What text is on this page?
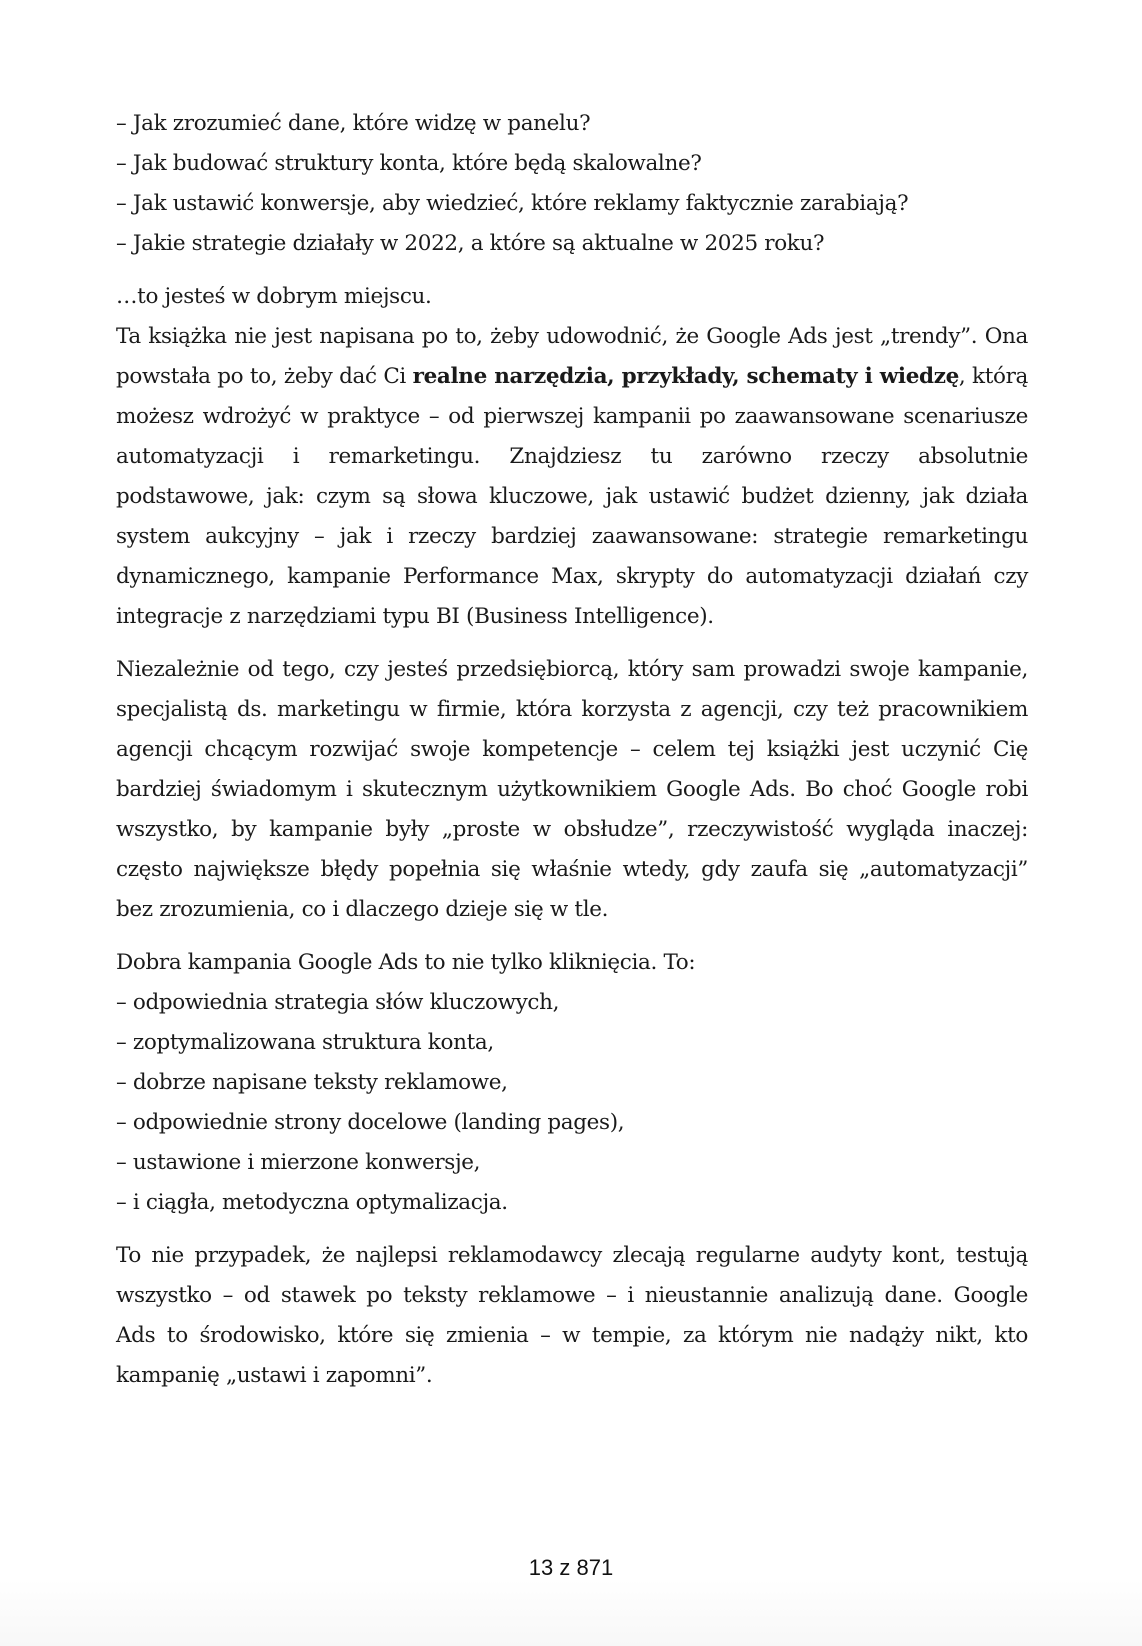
– Jak zrozumieć dane, które widzę w panelu?
– Jak budować struktury konta, które będą skalowalne?
– Jak ustawić konwersje, aby wiedzieć, które reklamy faktycznie zarabiają?
– Jakie strategie działały w 2022, a które są aktualne w 2025 roku?

…to jesteś w dobrym miejscu.

Ta książka nie jest napisana po to, żeby udowodnić, że Google Ads jest „trendy”. Ona
powstała po to, żeby dać Ci realne narzędzia, przykłady, schematy i wiedzę, którą
możesz wdrożyć w praktyce – od pierwszej kampanii po zaawansowane scenariusze
automatyzacji i remarketingu. Znajdziesz tu zarówno rzeczy absolutnie
podstawowe, jak: czym są słowa kluczowe, jak ustawić budżet dzienny, jak działa
system aukcyjny – jak i rzeczy bardziej zaawansowane: strategie remarketingu
dynamicznego, kampanie Performance Max, skrypty do automatyzacji działań czy
integracje z narzędziami typu BI (Business Intelligence).
Niezależnie od tego, czy jesteś przedsiębiorcą, który sam prowadzi swoje kampanie,
specjalistą ds. marketingu w firmie, która korzysta z agencji, czy też pracownikiem
agencji chcącym rozwijać swoje kompetencje – celem tej książki jest uczynić Cię
bardziej świadomym i skutecznym użytkownikiem Google Ads. Bo choć Google robi
wszystko, by kampanie były „proste w obsłudze”, rzeczywistość wygląda inaczej:
często największe błędy popełnia się właśnie wtedy, gdy zaufa się „automatyzacji”
bez zrozumienia, co i dlaczego dzieje się w tle.
Dobra kampania Google Ads to nie tylko kliknięcia. To:
– odpowiednia strategia słów kluczowych,
– zoptymalizowana struktura konta,
– dobrze napisane teksty reklamowe,
– odpowiednie strony docelowe (landing pages),
– ustawione i mierzone konwersje,
– i ciągła, metodyczna optymalizacja.
To nie przypadek, że najlepsi reklamodawcy zlecają regularne audyty kont, testują
wszystko – od stawek po teksty reklamowe – i nieustannie analizują dane. Google
Ads to środowisko, które się zmienia – w tempie, za którym nie nadąży nikt, kto
kampanię „ustawi i zapomni”.
13 z 871
